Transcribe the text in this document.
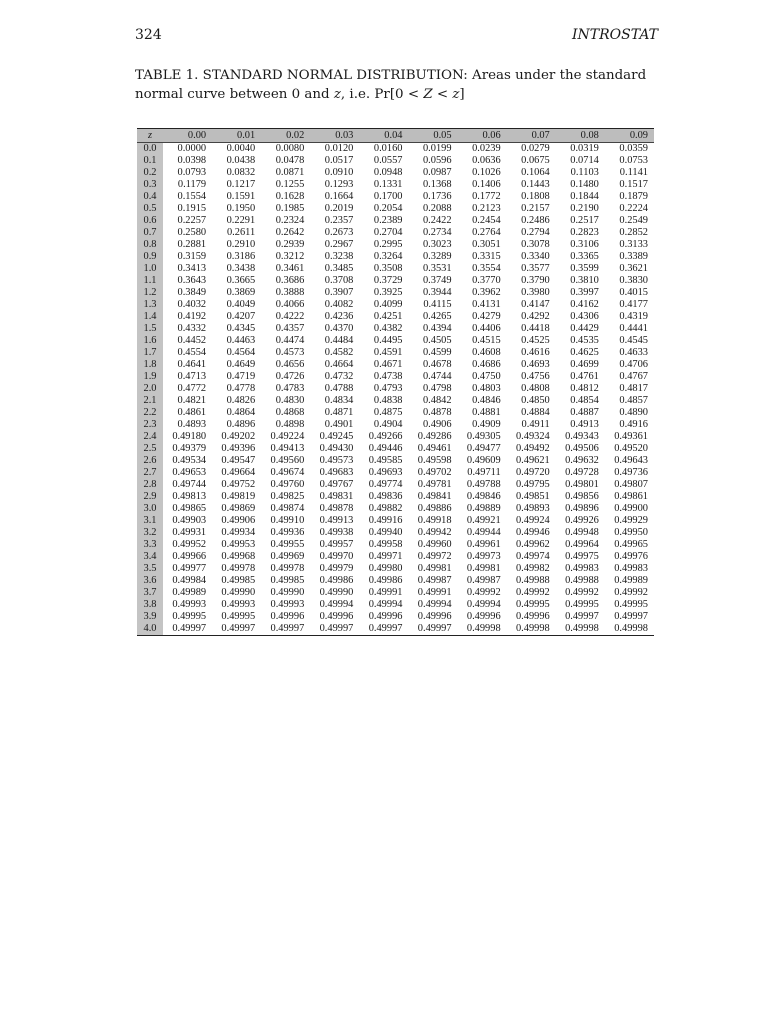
324	INTROSTAT
TABLE 1. STANDARD NORMAL DISTRIBUTION: Areas under the standard normal curve between 0 and z, i.e. Pr[0 < Z < z]
z	0.00	0.01	0.02	0.03	0.04	0.05	0.06	0.07	0.08	0.09
0.0	0.0000	0.0040	0.0080	0.0120	0.0160	0.0199	0.0239	0.0279	0.0319	0.0359
0.1	0.0398	0.0438	0.0478	0.0517	0.0557	0.0596	0.0636	0.0675	0.0714	0.0753
0.2	0.0793	0.0832	0.0871	0.0910	0.0948	0.0987	0.1026	0.1064	0.1103	0.1141
0.3	0.1179	0.1217	0.1255	0.1293	0.1331	0.1368	0.1406	0.1443	0.1480	0.1517
0.4	0.1554	0.1591	0.1628	0.1664	0.1700	0.1736	0.1772	0.1808	0.1844	0.1879
0.5	0.1915	0.1950	0.1985	0.2019	0.2054	0.2088	0.2123	0.2157	0.2190	0.2224
0.6	0.2257	0.2291	0.2324	0.2357	0.2389	0.2422	0.2454	0.2486	0.2517	0.2549
0.7	0.2580	0.2611	0.2642	0.2673	0.2704	0.2734	0.2764	0.2794	0.2823	0.2852
0.8	0.2881	0.2910	0.2939	0.2967	0.2995	0.3023	0.3051	0.3078	0.3106	0.3133
0.9	0.3159	0.3186	0.3212	0.3238	0.3264	0.3289	0.3315	0.3340	0.3365	0.3389
1.0	0.3413	0.3438	0.3461	0.3485	0.3508	0.3531	0.3554	0.3577	0.3599	0.3621
1.1	0.3643	0.3665	0.3686	0.3708	0.3729	0.3749	0.3770	0.3790	0.3810	0.3830
1.2	0.3849	0.3869	0.3888	0.3907	0.3925	0.3944	0.3962	0.3980	0.3997	0.4015
1.3	0.4032	0.4049	0.4066	0.4082	0.4099	0.4115	0.4131	0.4147	0.4162	0.4177
1.4	0.4192	0.4207	0.4222	0.4236	0.4251	0.4265	0.4279	0.4292	0.4306	0.4319
1.5	0.4332	0.4345	0.4357	0.4370	0.4382	0.4394	0.4406	0.4418	0.4429	0.4441
1.6	0.4452	0.4463	0.4474	0.4484	0.4495	0.4505	0.4515	0.4525	0.4535	0.4545
1.7	0.4554	0.4564	0.4573	0.4582	0.4591	0.4599	0.4608	0.4616	0.4625	0.4633
1.8	0.4641	0.4649	0.4656	0.4664	0.4671	0.4678	0.4686	0.4693	0.4699	0.4706
1.9	0.4713	0.4719	0.4726	0.4732	0.4738	0.4744	0.4750	0.4756	0.4761	0.4767
2.0	0.4772	0.4778	0.4783	0.4788	0.4793	0.4798	0.4803	0.4808	0.4812	0.4817
2.1	0.4821	0.4826	0.4830	0.4834	0.4838	0.4842	0.4846	0.4850	0.4854	0.4857
2.2	0.4861	0.4864	0.4868	0.4871	0.4875	0.4878	0.4881	0.4884	0.4887	0.4890
2.3	0.4893	0.4896	0.4898	0.4901	0.4904	0.4906	0.4909	0.4911	0.4913	0.4916
2.4	0.49180	0.49202	0.49224	0.49245	0.49266	0.49286	0.49305	0.49324	0.49343	0.49361
2.5	0.49379	0.49396	0.49413	0.49430	0.49446	0.49461	0.49477	0.49492	0.49506	0.49520
2.6	0.49534	0.49547	0.49560	0.49573	0.49585	0.49598	0.49609	0.49621	0.49632	0.49643
2.7	0.49653	0.49664	0.49674	0.49683	0.49693	0.49702	0.49711	0.49720	0.49728	0.49736
2.8	0.49744	0.49752	0.49760	0.49767	0.49774	0.49781	0.49788	0.49795	0.49801	0.49807
2.9	0.49813	0.49819	0.49825	0.49831	0.49836	0.49841	0.49846	0.49851	0.49856	0.49861
3.0	0.49865	0.49869	0.49874	0.49878	0.49882	0.49886	0.49889	0.49893	0.49896	0.49900
3.1	0.49903	0.49906	0.49910	0.49913	0.49916	0.49918	0.49921	0.49924	0.49926	0.49929
3.2	0.49931	0.49934	0.49936	0.49938	0.49940	0.49942	0.49944	0.49946	0.49948	0.49950
3.3	0.49952	0.49953	0.49955	0.49957	0.49958	0.49960	0.49961	0.49962	0.49964	0.49965
3.4	0.49966	0.49968	0.49969	0.49970	0.49971	0.49972	0.49973	0.49974	0.49975	0.49976
3.5	0.49977	0.49978	0.49978	0.49979	0.49980	0.49981	0.49981	0.49982	0.49983	0.49983
3.6	0.49984	0.49985	0.49985	0.49986	0.49986	0.49987	0.49987	0.49988	0.49988	0.49989
3.7	0.49989	0.49990	0.49990	0.49990	0.49991	0.49991	0.49992	0.49992	0.49992	0.49992
3.8	0.49993	0.49993	0.49993	0.49994	0.49994	0.49994	0.49994	0.49995	0.49995	0.49995
3.9	0.49995	0.49995	0.49996	0.49996	0.49996	0.49996	0.49996	0.49996	0.49997	0.49997
4.0	0.49997	0.49997	0.49997	0.49997	0.49997	0.49997	0.49998	0.49998	0.49998	0.49998
